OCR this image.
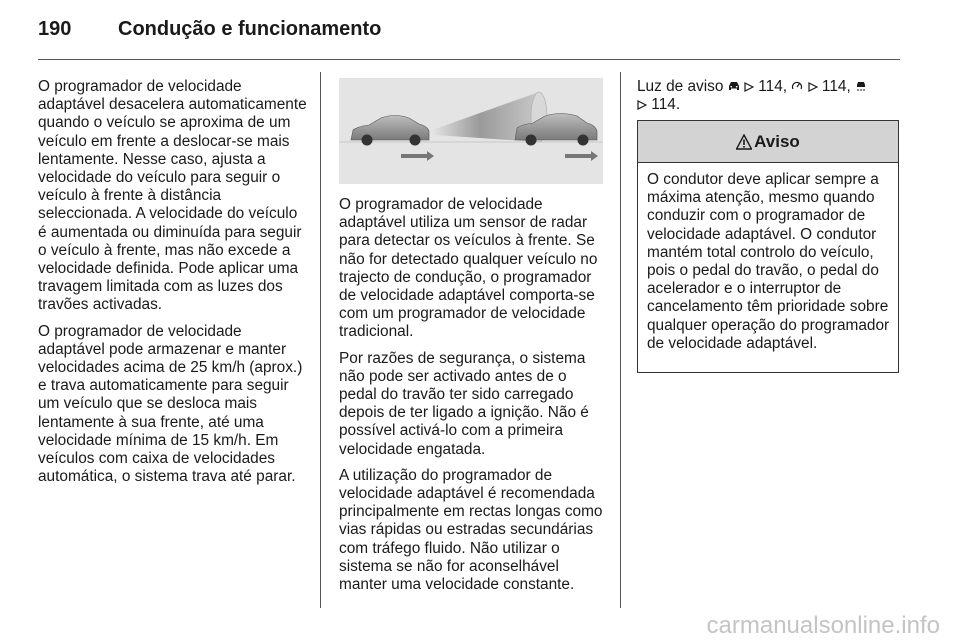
190 Condução e funcionamento

O programador de velocidade adaptável desacelera automaticamente quando o veículo se aproxima de um veículo em frente a deslocar-se mais lentamente. Nesse caso, ajusta a velocidade do veículo para seguir o veículo à frente à distância seleccionada. A velocidade do veículo é aumentada ou diminuída para seguir o veículo à frente, mas não excede a velocidade definida. Pode aplicar uma travagem limitada com as luzes dos travões activadas.

O programador de velocidade adaptável pode armazenar e manter velocidades acima de 25 km/h (aprox.) e trava automaticamente para seguir um veículo que se desloca mais lentamente à sua frente, até uma velocidade mínima de 15 km/h. Em veículos com caixa de velocidades automática, o sistema trava até parar.

O programador de velocidade adaptável utiliza um sensor de radar para detectar os veículos à frente. Se não for detectado qualquer veículo no trajecto de condução, o programador de velocidade adaptável comporta-se com um programador de velocidade tradicional.

Por razões de segurança, o sistema não pode ser activado antes de o pedal do travão ter sido carregado depois de ter ligado a ignição. Não é possível activá-lo com a primeira velocidade engatada.

A utilização do programador de velocidade adaptável é recomendada principalmente em rectas longas como vias rápidas ou estradas secundárias com tráfego fluido. Não utilizar o sistema se não for aconselhável manter uma velocidade constante.

Luz de aviso 114, 114,
114.

Aviso
O condutor deve aplicar sempre a máxima atenção, mesmo quando conduzir com o programador de velocidade adaptável. O condutor mantém total controlo do veículo, pois o pedal do travão, o pedal do acelerador e o interruptor de cancelamento têm prioridade sobre qualquer operação do programador de velocidade adaptável.
carmanualsonline.info
